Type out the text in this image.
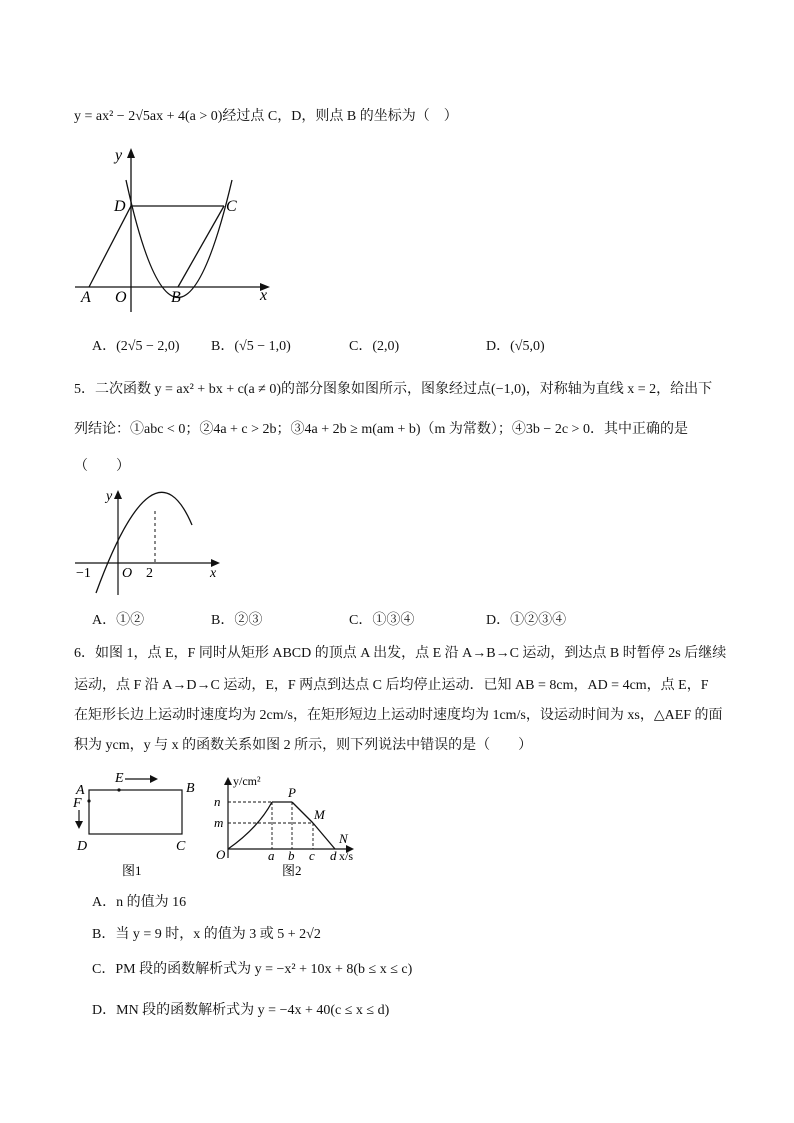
y = ax² − 2√5ax + 4(a > 0)经过点 C，D，则点 B 的坐标为（　）
y
x
D	C
A O	B
A．(2√5 − 2,0) B．(√5 − 1,0)	C．(2,0)	D．(√5,0)
5．二次函数 y = ax² + bx + c(a ≠ 0)的部分图象如图所示，图象经过点(−1,0)，对称轴为直线 x = 2，给出下
列结论：①abc < 0；②4a + c > 2b；③4a + 2b ≥ m(am + b)（m 为常数）；④3b − 2c > 0．其中正确的是
（　　）
y
x
−1 O 2
A．①②	B．②③	C．①③④	D．①②③④
6．如图 1，点 E，F 同时从矩形 ABCD 的顶点 A 出发，点 E 沿 A→B→C 运动，到达点 B 时暂停 2s 后继续
运动，点 F 沿 A→D→C 运动，E，F 两点到达点 C 后均停止运动．已知 AB = 8cm，AD = 4cm，点 E，F
在矩形长边上运动时速度均为 2cm/s，在矩形短边上运动时速度均为 1cm/s，设运动时间为 xs，△AEF 的面
积为 ycm，y 与 x 的函数关系如图 2 所示，则下列说法中错误的是（　　）
A
E
B
F
D	C
图1
y/cm²
P
M
N
n
m
O	a b c d x/s
图2
A．n 的值为 16
B．当 y = 9 时，x 的值为 3 或 5 + 2√2
C．PM 段的函数解析式为 y = −x² + 10x + 8(b ≤ x ≤ c)
D．MN 段的函数解析式为 y = −4x + 40(c ≤ x ≤ d)
